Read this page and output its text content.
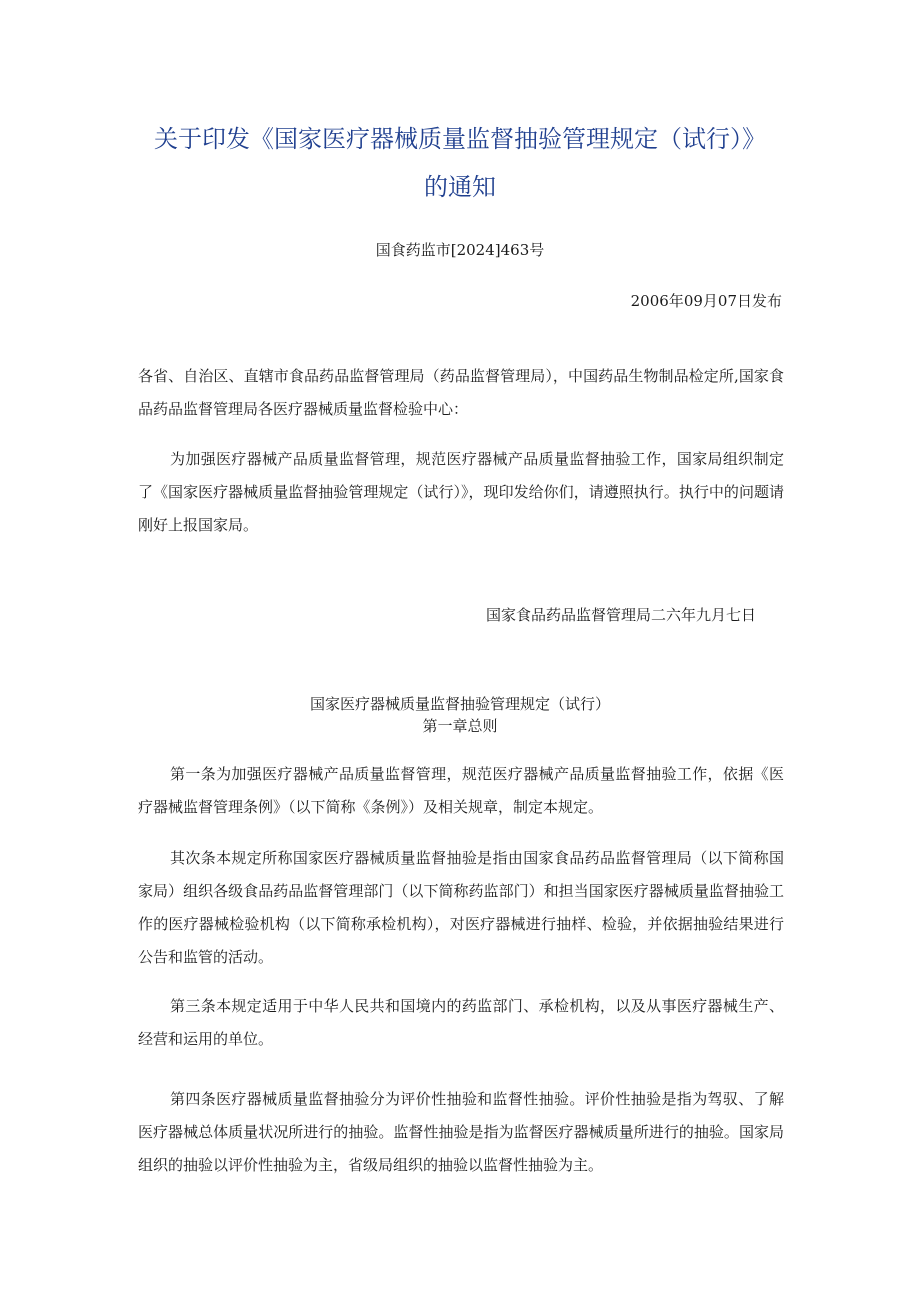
关于印发《国家医疗器械质量监督抽验管理规定（试行）》
的通知
国食药监市[2024]463号
2006年09月07日发布

各省、自治区、直辖市食品药品监督管理局（药品监督管理局），中国药品生物制品检定所,国家食品药品监督管理局各医疗器械质量监督检验中心：

为加强医疗器械产品质量监督管理，规范医疗器械产品质量监督抽验工作，国家局组织制定了《国家医疗器械质量监督抽验管理规定（试行）》，现印发给你们，请遵照执行。执行中的问题请刚好上报国家局。

国家食品药品监督管理局二六年九月七日
国家医疗器械质量监督抽验管理规定（试行）
第一章总则

第一条为加强医疗器械产品质量监督管理，规范医疗器械产品质量监督抽验工作，依据《医疗器械监督管理条例》（以下简称《条例》）及相关规章，制定本规定。

其次条本规定所称国家医疗器械质量监督抽验是指由国家食品药品监督管理局（以下简称国家局）组织各级食品药品监督管理部门（以下简称药监部门）和担当国家医疗器械质量监督抽验工作的医疗器械检验机构（以下简称承检机构），对医疗器械进行抽样、检验，并依据抽验结果进行公告和监管的活动。

第三条本规定适用于中华人民共和国境内的药监部门、承检机构，以及从事医疗器械生产、经营和运用的单位。

第四条医疗器械质量监督抽验分为评价性抽验和监督性抽验。评价性抽验是指为驾驭、了解医疗器械总体质量状况所进行的抽验。监督性抽验是指为监督医疗器械质量所进行的抽验。国家局组织的抽验以评价性抽验为主，省级局组织的抽验以监督性抽验为主。
